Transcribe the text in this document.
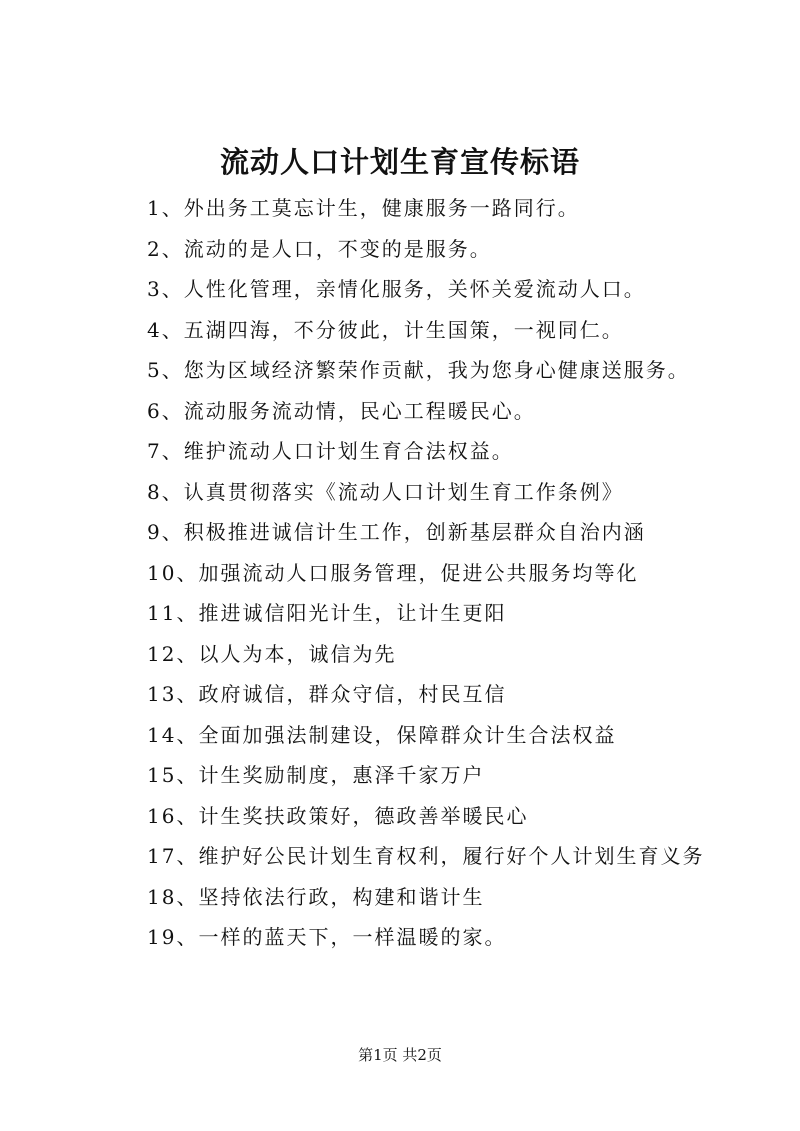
流动人口计划生育宣传标语
1、外出务工莫忘计生，健康服务一路同行。
2、流动的是人口，不变的是服务。
3、人性化管理，亲情化服务，关怀关爱流动人口。
4、五湖四海，不分彼此，计生国策，一视同仁。
5、您为区域经济繁荣作贡献，我为您身心健康送服务。
6、流动服务流动情，民心工程暖民心。
7、维护流动人口计划生育合法权益。
8、认真贯彻落实《流动人口计划生育工作条例》
9、积极推进诚信计生工作，创新基层群众自治内涵
10、加强流动人口服务管理，促进公共服务均等化
11、推进诚信阳光计生，让计生更阳
12、以人为本，诚信为先
13、政府诚信，群众守信，村民互信
14、全面加强法制建设，保障群众计生合法权益
15、计生奖励制度，惠泽千家万户
16、计生奖扶政策好，德政善举暖民心
17、维护好公民计划生育权利，履行好个人计划生育义务
18、坚持依法行政，构建和谐计生
19、一样的蓝天下，一样温暖的家。
第1页 共2页
